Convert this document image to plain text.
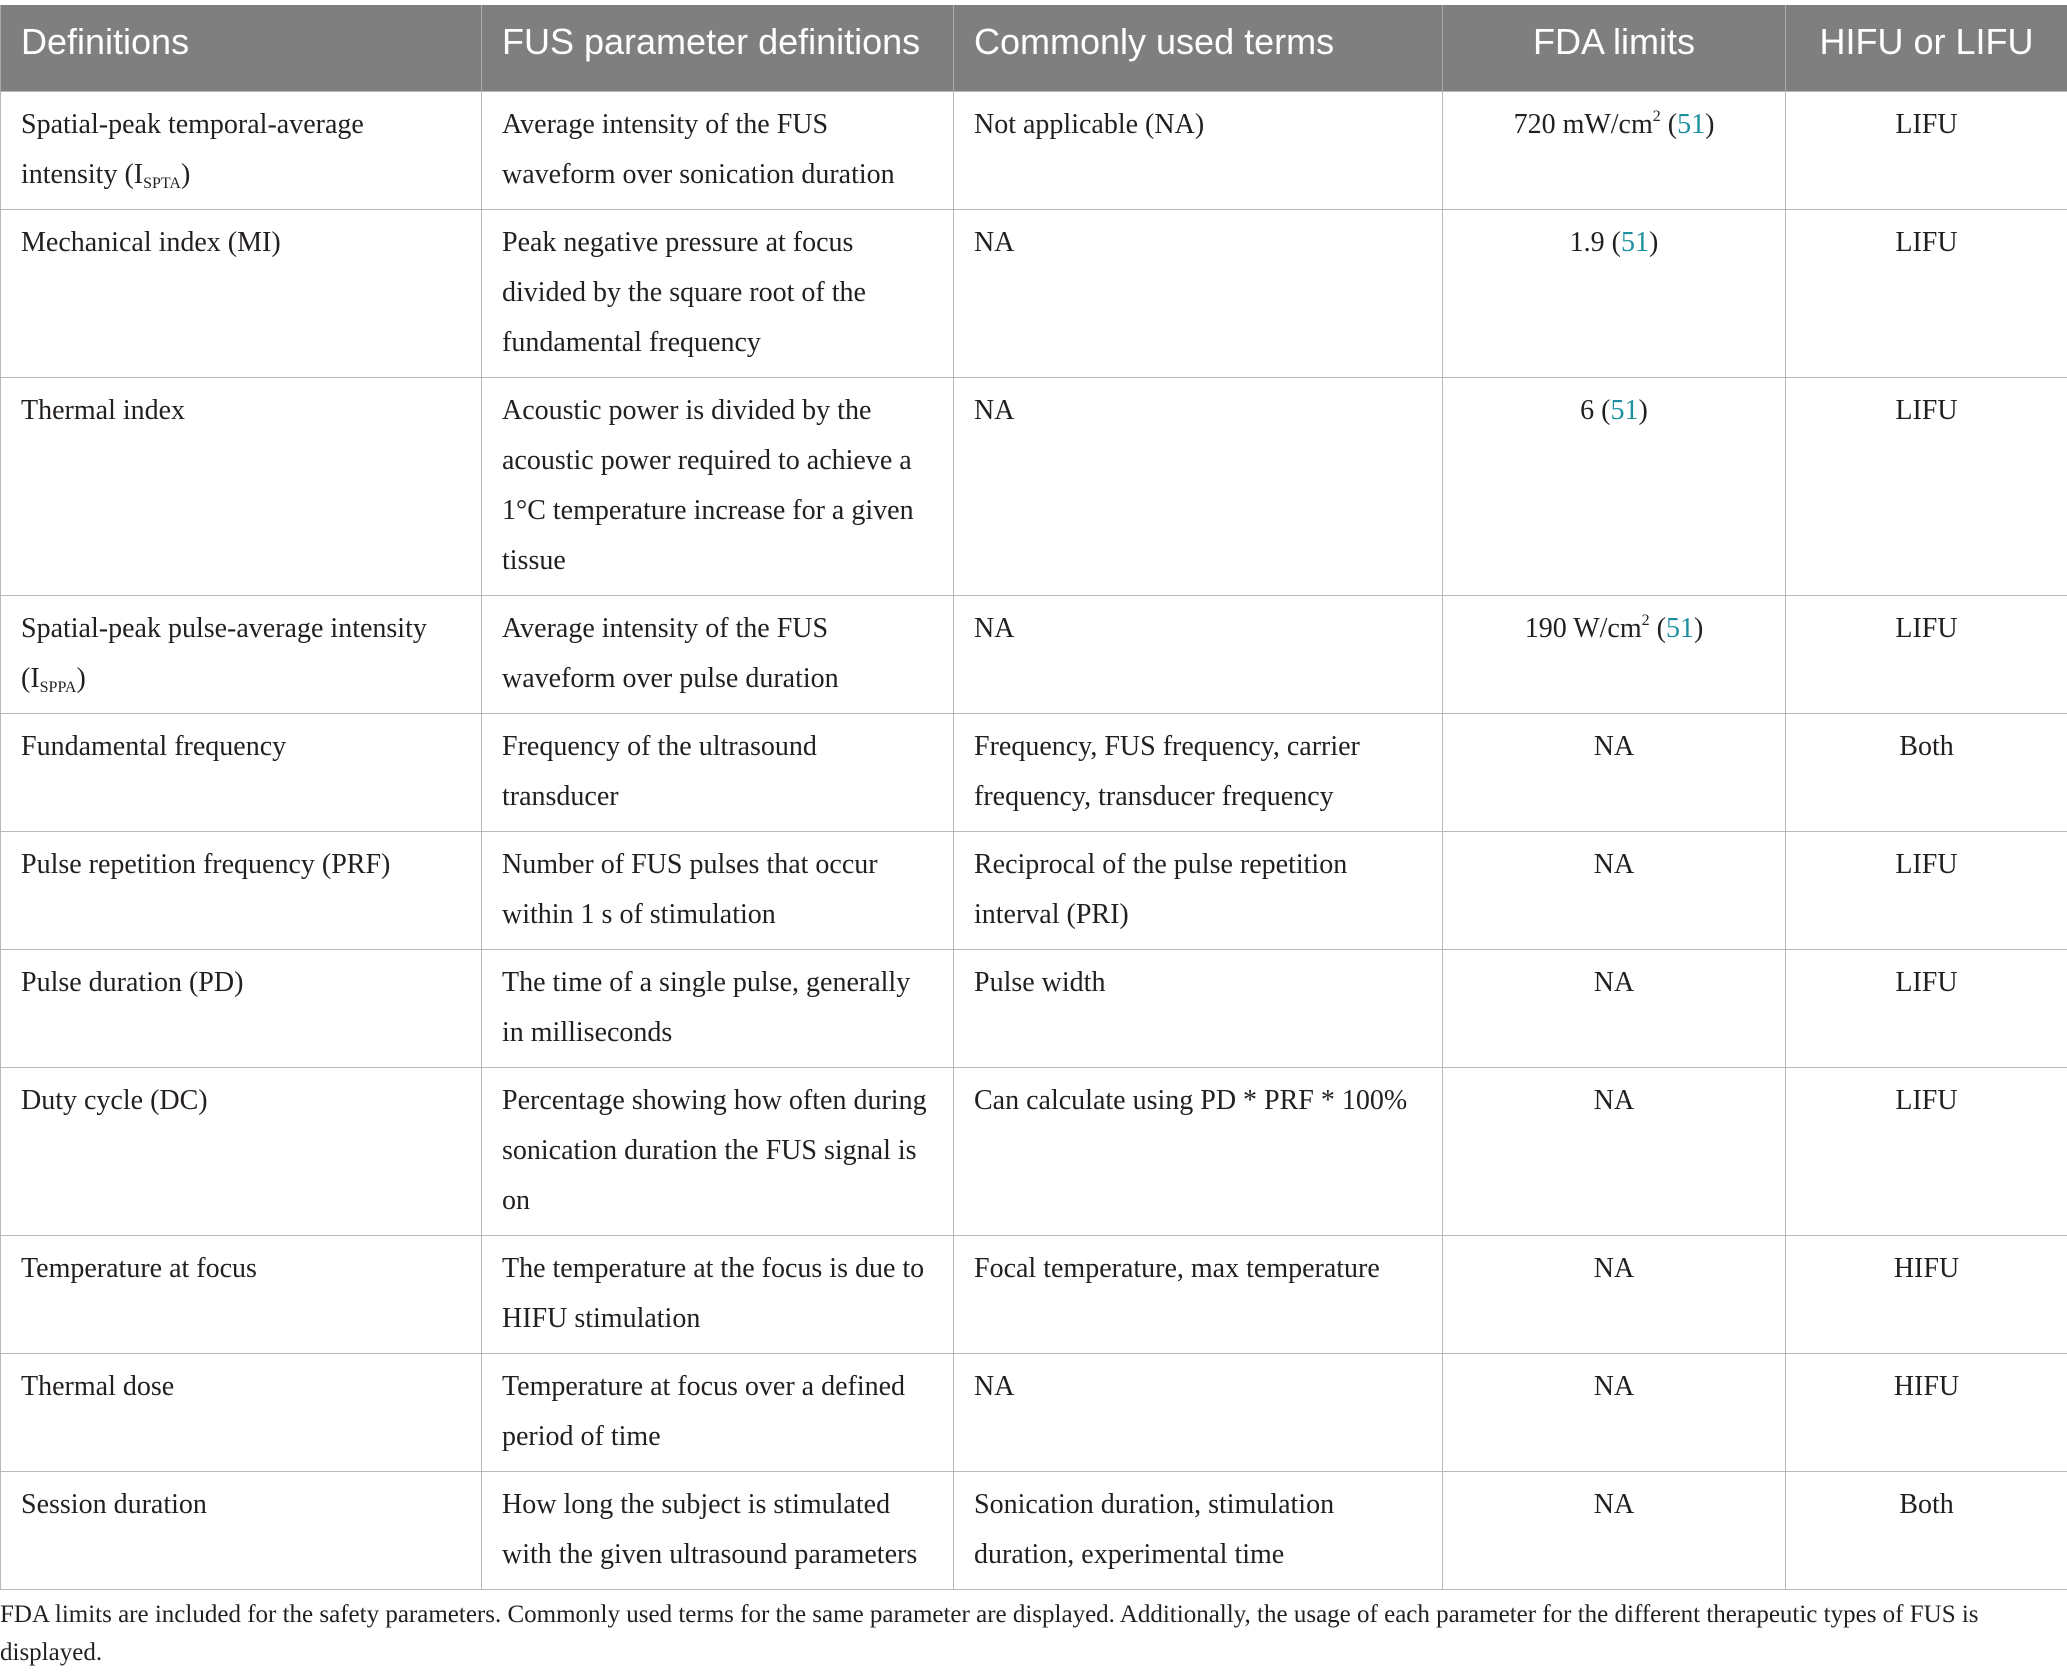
Definitions	FUS parameter definitions	Commonly used terms	FDA limits	HIFU or LIFU
Spatial-peak temporal-average intensity $(I_{SPTA})$	Average intensity of the FUS waveform over sonication duration	Not applicable (NA)	720 $mW/cm^2$ (51)	LIFU
Mechanical index (MI)	Peak negative pressure at focus divided by the square root of the fundamental frequency	NA	1.9 (51)	LIFU
Thermal index	Acoustic power is divided by the acoustic power required to achieve a 1°C temperature increase for a given tissue	NA	6 (51)	LIFU
Spatial-peak pulse-average intensity $(I_{SPPA})$	Average intensity of the FUS waveform over pulse duration	NA	190 $W/cm^2$ (51)	LIFU
Fundamental frequency	Frequency of the ultrasound transducer	Frequency, FUS frequency, carrier frequency, transducer frequency	NA	Both
Pulse repetition frequency (PRF)	Number of FUS pulses that occur within 1 s of stimulation	Reciprocal of the pulse repetition interval (PRI)	NA	LIFU
Pulse duration (PD)	The time of a single pulse, generally in milliseconds	Pulse width	NA	LIFU
Duty cycle (DC)	Percentage showing how often during sonication duration the FUS signal is on	Can calculate using PD * PRF * 100%	NA	LIFU
Temperature at focus	The temperature at the focus is due to HIFU stimulation	Focal temperature, max temperature	NA	HIFU
Thermal dose	Temperature at focus over a defined period of time	NA	NA	HIFU
Session duration	How long the subject is stimulated with the given ultrasound parameters	Sonication duration, stimulation duration, experimental time	NA	Both
FDA limits are included for the safety parameters. Commonly used terms for the same parameter are displayed. Additionally, the usage of each parameter for the different therapeutic types of FUS is displayed.
